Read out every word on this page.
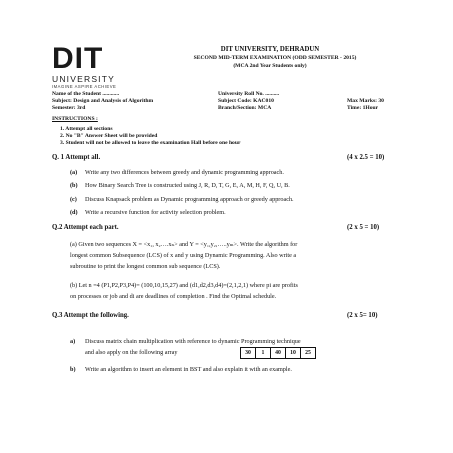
DIT
UNIVERSITY
IMAGINE ASPIRE ACHIEVE
DIT UNIVERSITY, DEHRADUN
SECOND MID-TERM EXAMINATION (ODD SEMESTER - 2015)
(MCA 2nd Year Students only)
Name of the Student ............	University Roll No. ..........
Subject: Design and Analysis of Algorithm	Subject Code: KAC010	Max Marks: 30
Semester: 3rd	Branch/Section: MCA	Time: 1Hour
INSTRUCTIONS :
1. Attempt all sections
2. No "B" Answer Sheet will be provided
3. Student will not be allowed to leave the examination Hall before one hour
Q. 1 Attempt all.	(4 x 2.5 = 10)
(a) Write any two differences between greedy and dynamic programming approach.
(b) How Binary Search Tree is constructed using J, R, D, T, G, E, A, M, H, F, Q, U, B.
(c) Discuss Knapsack problem as Dynamic programming approach or greedy approach.
(d) Write a recursive function for activity selection problem.
Q.2 Attempt each part.	(2 x 5 = 10)
(a) Given two sequences X = <x₁, x₂….xₙ> and Y = <y₁,y₂,…..yₘ>. Write the algorithm for
longest common Subsequence (LCS) of x and y using Dynamic Programming. Also write a
subroutine to print the longest common sub sequence (LCS).
(b) Let n =4 (P1,P2,P3,P4)= (100,10,15,27) and (d1,d2,d3,d4)=(2,1,2,1) where pi are profits
on processes or job and di are deadlines of completion . Find the Optimal schedule.
Q.3 Attempt the following.	(2 x 5= 10)
a) Discuss matrix chain multiplication with reference to dynamic Programming technique
and also apply on the following array	30	1	40	10	25
b) Write an algorithm to insert an element in BST and also explain it with an example.
